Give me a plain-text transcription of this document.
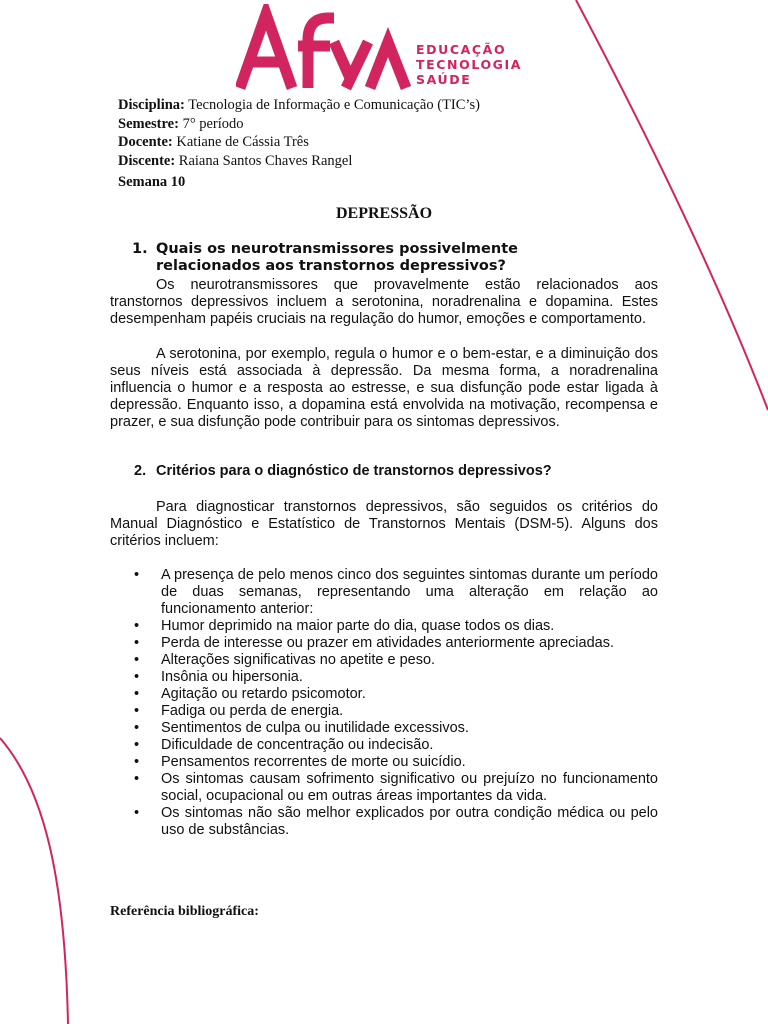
EDUCAÇÃO
TECNOLOGIA
SAÚDE
Disciplina: Tecnologia de Informação e Comunicação (TIC’s)
Semestre: 7° período
Docente: Katiane de Cássia Três
Discente: Raiana Santos Chaves Rangel
Semana 10
DEPRESSÃO
1. Quais os neurotransmissores possivelmente relacionados aos transtornos depressivos?

Os neurotransmissores que provavelmente estão relacionados aos transtornos depressivos incluem a serotonina, noradrenalina e dopamina. Estes desempenham papéis cruciais na regulação do humor, emoções e comportamento.

A serotonina, por exemplo, regula o humor e o bem-estar, e a diminuição dos seus níveis está associada à depressão. Da mesma forma, a noradrenalina influencia o humor e a resposta ao estresse, e sua disfunção pode estar ligada à depressão. Enquanto isso, a dopamina está envolvida na motivação, recompensa e prazer, e sua disfunção pode contribuir para os sintomas depressivos.

2. Critérios para o diagnóstico de transtornos depressivos?

Para diagnosticar transtornos depressivos, são seguidos os critérios do Manual Diagnóstico e Estatístico de Transtornos Mentais (DSM-5). Alguns dos critérios incluem:

• A presença de pelo menos cinco dos seguintes sintomas durante um período de duas semanas, representando uma alteração em relação ao funcionamento anterior:
• Humor deprimido na maior parte do dia, quase todos os dias.
• Perda de interesse ou prazer em atividades anteriormente apreciadas.
• Alterações significativas no apetite e peso.
• Insônia ou hipersonia.
• Agitação ou retardo psicomotor.
• Fadiga ou perda de energia.
• Sentimentos de culpa ou inutilidade excessivos.
• Dificuldade de concentração ou indecisão.
• Pensamentos recorrentes de morte ou suicídio.
• Os sintomas causam sofrimento significativo ou prejuízo no funcionamento social, ocupacional ou em outras áreas importantes da vida.
• Os sintomas não são melhor explicados por outra condição médica ou pelo uso de substâncias.
Referência bibliográfica:
